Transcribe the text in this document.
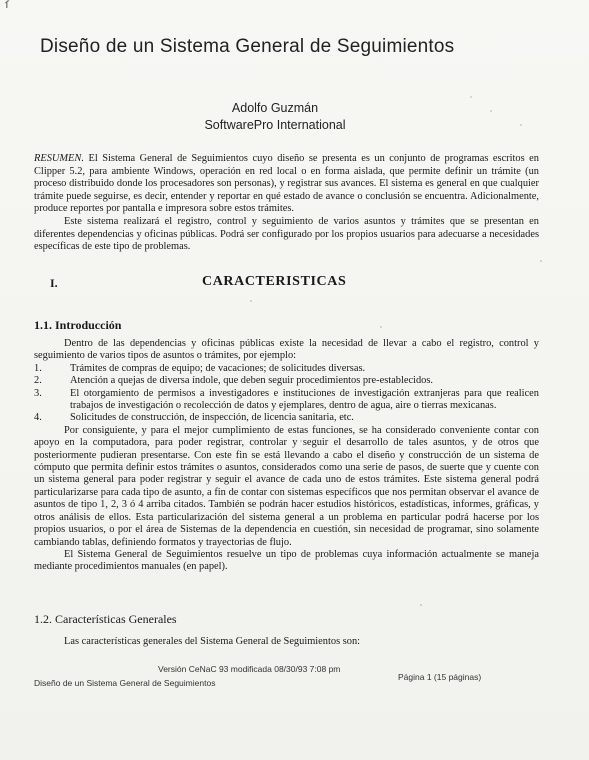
ſ
Diseño de un Sistema General de Seguimientos
Adolfo Guzmán
SoftwarePro International

RESUMEN. El Sistema General de Seguimientos cuyo diseño se presenta es un conjunto de programas escritos en Clipper 5.2, para ambiente Windows, operación en red local o en forma aislada, que permite definir un trámite (un proceso distribuido donde los procesadores son personas), y registrar sus avances. El sistema es general en que cualquier trámite puede seguirse, es decir, entender y reportar en qué estado de avance o conclusión se encuentra. Adicionalmente, produce reportes por pantalla e impresora sobre estos trámites.

Este sistema realizará el registro, control y seguimiento de varios asuntos y trámites que se presentan en diferentes dependencias y oficinas públicas. Podrá ser configurado por los propios usuarios para adecuarse a necesidades específicas de este tipo de problemas.

I.	CARACTERISTICAS
1.1. Introducción

Dentro de las dependencias y oficinas públicas existe la necesidad de llevar a cabo el registro, control y seguimiento de varios tipos de asuntos o trámites, por ejemplo:

1.	Trámites de compras de equipo; de vacaciones; de solicitudes diversas.
2.	Atención a quejas de diversa índole, que deben seguir procedimientos pre-establecidos.
3.	El otorgamiento de permisos a investigadores e instituciones de investigación extranjeras para que realicen trabajos de investigación o recolección de datos y ejemplares, dentro de agua, aire o tierras mexicanas.
4.	Solicitudes de construcción, de inspección, de licencia sanitaria, etc.

Por consiguiente, y para el mejor cumplimiento de estas funciones, se ha considerado conveniente contar con apoyo en la computadora, para poder registrar, controlar y seguir el desarrollo de tales asuntos, y de otros que posteriormente pudieran presentarse. Con este fin se está llevando a cabo el diseño y construcción de un sistema de cómputo que permita definir estos trámites o asuntos, considerados como una serie de pasos, de suerte que y cuente con un sistema general para poder registrar y seguir el avance de cada uno de estos trámites. Este sistema general podrá particularizarse para cada tipo de asunto, a fin de contar con sistemas específicos que nos permitan observar el avance de asuntos de tipo 1, 2, 3 ó 4 arriba citados. También se podrán hacer estudios históricos, estadísticas, informes, gráficas, y otros análisis de ellos. Esta particularización del sistema general a un problema en particular podrá hacerse por los propios usuarios, o por el área de Sistemas de la dependencia en cuestión, sin necesidad de programar, sino solamente cambiando tablas, definiendo formatos y trayectorias de flujo.

El Sistema General de Seguimientos resuelve un tipo de problemas cuya información actualmente se maneja mediante procedimientos manuales (en papel).

1.2. Características Generales
Las características generales del Sistema General de Seguimientos son:
Versión CeNaC 93 modificada 08/30/93 7:08 pm
Diseño de un Sistema General de Seguimientos
Página 1 (15 páginas)
